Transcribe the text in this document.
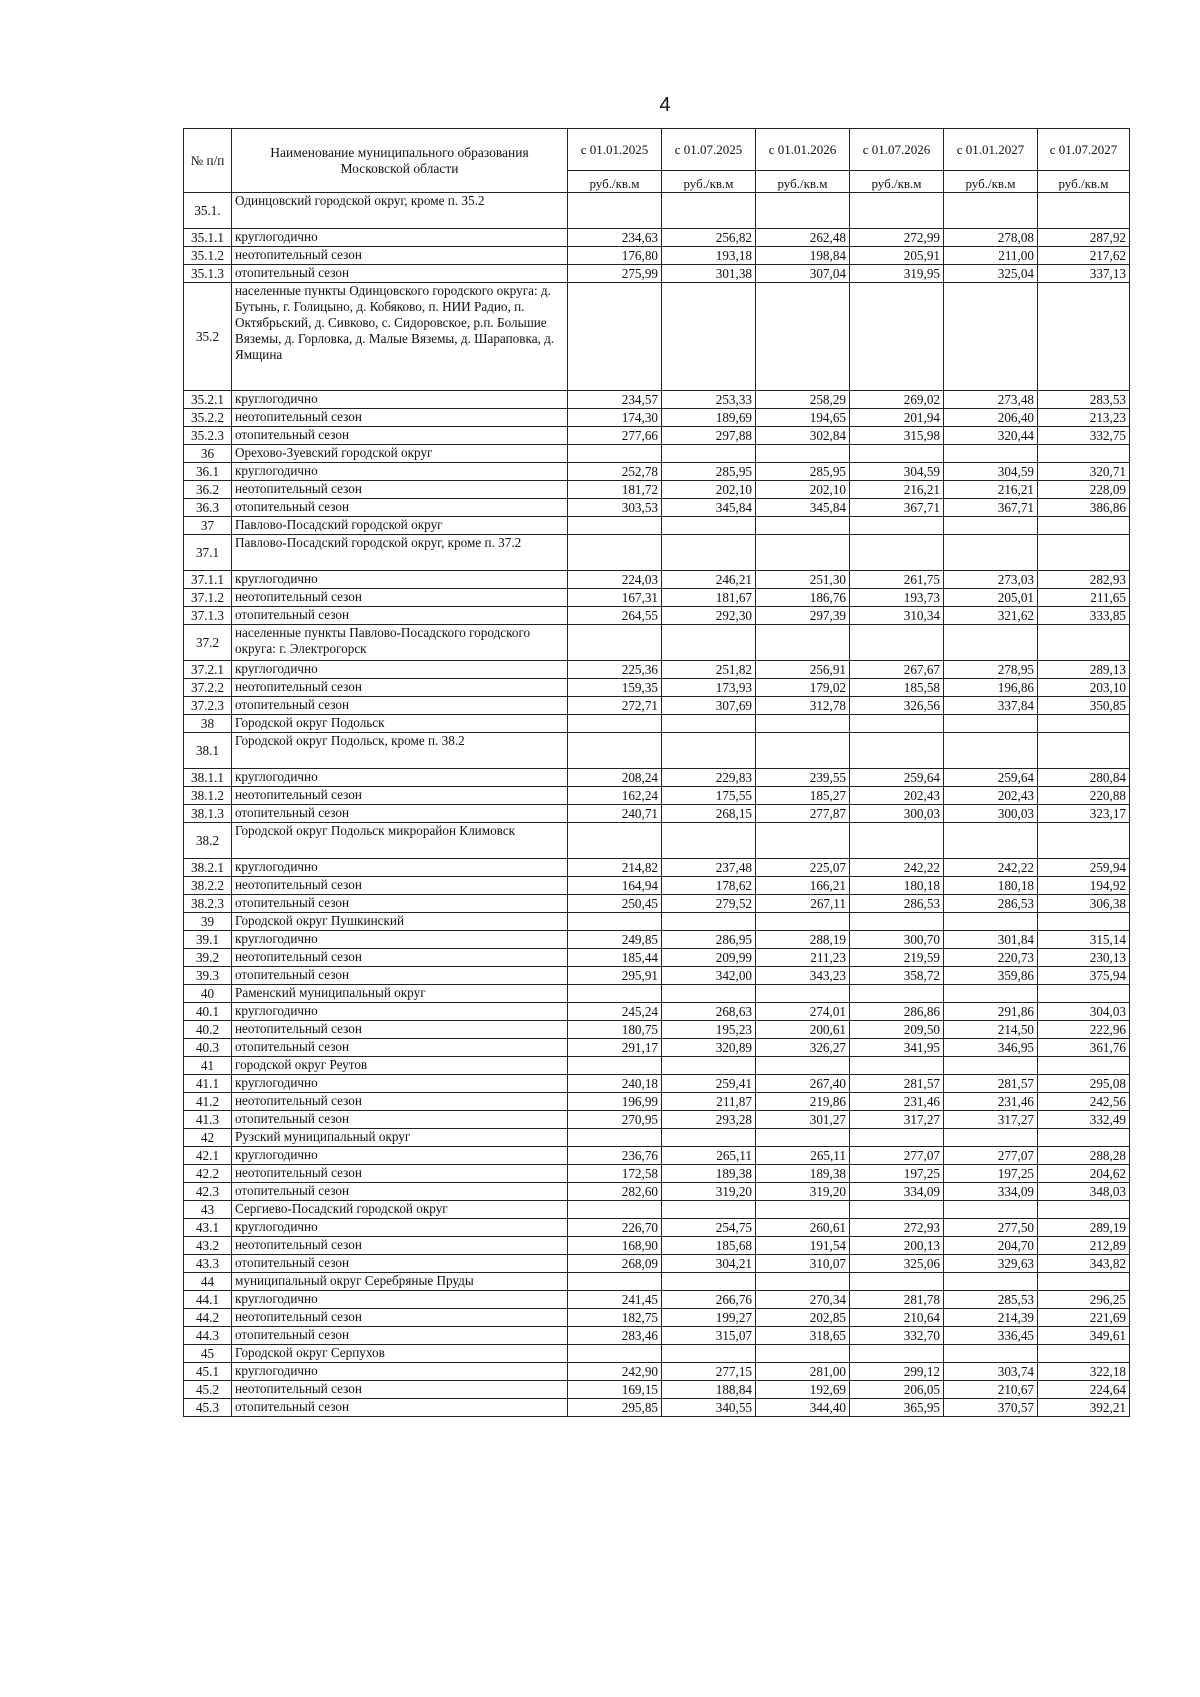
4
№ п/п	Наименование муниципального образования Московской области	с 01.01.2025	с 01.07.2025	с 01.01.2026	с 01.07.2026	с 01.01.2027	с 01.07.2027
		руб./кв.м	руб./кв.м	руб./кв.м	руб./кв.м	руб./кв.м	руб./кв.м
35.1.	Одинцовский городской округ, кроме п. 35.2						
35.1.1	круглогодично	234,63	256,82	262,48	272,99	278,08	287,92
35.1.2	неотопительный сезон	176,80	193,18	198,84	205,91	211,00	217,62
35.1.3	отопительный сезон	275,99	301,38	307,04	319,95	325,04	337,13
35.2	населенные пункты Одинцовского городского округа: д. Бутынь, г. Голицыно, д. Кобяково, п. НИИ Радио, п. Октябрьский, д. Сивково, с. Сидоровское, р.п. Большие Вяземы, д. Горловка, д. Малые Вяземы, д. Шараповка, д. Ямщина						
35.2.1	круглогодично	234,57	253,33	258,29	269,02	273,48	283,53
35.2.2	неотопительный сезон	174,30	189,69	194,65	201,94	206,40	213,23
35.2.3	отопительный сезон	277,66	297,88	302,84	315,98	320,44	332,75
36	Орехово-Зуевский городской округ						
36.1	круглогодично	252,78	285,95	285,95	304,59	304,59	320,71
36.2	неотопительный сезон	181,72	202,10	202,10	216,21	216,21	228,09
36.3	отопительный сезон	303,53	345,84	345,84	367,71	367,71	386,86
37	Павлово-Посадский городской округ						
37.1	Павлово-Посадский городской округ, кроме п. 37.2						
37.1.1	круглогодично	224,03	246,21	251,30	261,75	273,03	282,93
37.1.2	неотопительный сезон	167,31	181,67	186,76	193,73	205,01	211,65
37.1.3	отопительный сезон	264,55	292,30	297,39	310,34	321,62	333,85
37.2	населенные пункты Павлово-Посадского городского округа: г. Электрогорск						
37.2.1	круглогодично	225,36	251,82	256,91	267,67	278,95	289,13
37.2.2	неотопительный сезон	159,35	173,93	179,02	185,58	196,86	203,10
37.2.3	отопительный сезон	272,71	307,69	312,78	326,56	337,84	350,85
38	Городской округ Подольск						
38.1	Городской округ Подольск, кроме п. 38.2						
38.1.1	круглогодично	208,24	229,83	239,55	259,64	259,64	280,84
38.1.2	неотопительный сезон	162,24	175,55	185,27	202,43	202,43	220,88
38.1.3	отопительный сезон	240,71	268,15	277,87	300,03	300,03	323,17
38.2	Городской округ Подольск микрорайон Климовск						
38.2.1	круглогодично	214,82	237,48	225,07	242,22	242,22	259,94
38.2.2	неотопительный сезон	164,94	178,62	166,21	180,18	180,18	194,92
38.2.3	отопительный сезон	250,45	279,52	267,11	286,53	286,53	306,38
39	Городской округ Пушкинский						
39.1	круглогодично	249,85	286,95	288,19	300,70	301,84	315,14
39.2	неотопительный сезон	185,44	209,99	211,23	219,59	220,73	230,13
39.3	отопительный сезон	295,91	342,00	343,23	358,72	359,86	375,94
40	Раменский муниципальный округ						
40.1	круглогодично	245,24	268,63	274,01	286,86	291,86	304,03
40.2	неотопительный сезон	180,75	195,23	200,61	209,50	214,50	222,96
40.3	отопительный сезон	291,17	320,89	326,27	341,95	346,95	361,76
41	городской округ Реутов						
41.1	круглогодично	240,18	259,41	267,40	281,57	281,57	295,08
41.2	неотопительный сезон	196,99	211,87	219,86	231,46	231,46	242,56
41.3	отопительный сезон	270,95	293,28	301,27	317,27	317,27	332,49
42	Рузский муниципальный округ						
42.1	круглогодично	236,76	265,11	265,11	277,07	277,07	288,28
42.2	неотопительный сезон	172,58	189,38	189,38	197,25	197,25	204,62
42.3	отопительный сезон	282,60	319,20	319,20	334,09	334,09	348,03
43	Сергиево-Посадский городской округ						
43.1	круглогодично	226,70	254,75	260,61	272,93	277,50	289,19
43.2	неотопительный сезон	168,90	185,68	191,54	200,13	204,70	212,89
43.3	отопительный сезон	268,09	304,21	310,07	325,06	329,63	343,82
44	муниципальный округ Серебряные Пруды						
44.1	круглогодично	241,45	266,76	270,34	281,78	285,53	296,25
44.2	неотопительный сезон	182,75	199,27	202,85	210,64	214,39	221,69
44.3	отопительный сезон	283,46	315,07	318,65	332,70	336,45	349,61
45	Городской округ Серпухов						
45.1	круглогодично	242,90	277,15	281,00	299,12	303,74	322,18
45.2	неотопительный сезон	169,15	188,84	192,69	206,05	210,67	224,64
45.3	отопительный сезон	295,85	340,55	344,40	365,95	370,57	392,21
